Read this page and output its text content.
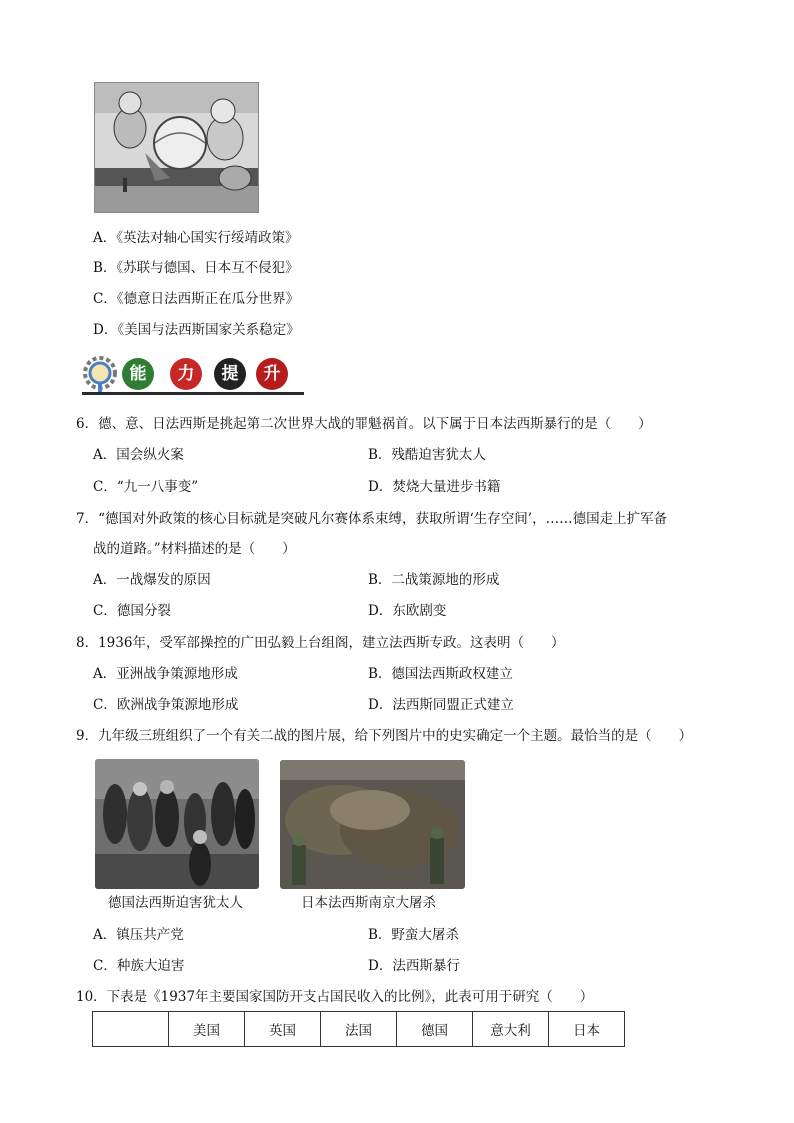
A．《英法对轴心国实行绥靖政策》
B．《苏联与德国、日本互不侵犯》
C．《德意日法西斯正在瓜分世界》
D．《美国与法西斯国家关系稳定》
能	力	提	升
6．德、意、日法西斯是挑起第二次世界大战的罪魁祸首。以下属于日本法西斯暴行的是（　　）
A．国会纵火案	B．残酷迫害犹太人
C．“九一八事变”	D．焚烧大量进步书籍
7．“德国对外政策的核心目标就是突破凡尔赛体系束缚，获取所谓‘生存空间’，……德国走上扩军备
战的道路。”材料描述的是（　　）
A．一战爆发的原因	B．二战策源地的形成
C．德国分裂	D．东欧剧变
8．1936年，受军部操控的广田弘毅上台组阁，建立法西斯专政。这表明（　　）
A．亚洲战争策源地形成	B．德国法西斯政权建立
C．欧洲战争策源地形成	D．法西斯同盟正式建立
9．九年级三班组织了一个有关二战的图片展，给下列图片中的史实确定一个主题。最恰当的是（　　）
德国法西斯迫害犹太人	日本法西斯南京大屠杀
A．镇压共产党	B．野蛮大屠杀
C．种族大迫害	D．法西斯暴行
10．下表是《1937年主要国家国防开支占国民收入的比例》，此表可用于研究（　　）
	美国	英国	法国	德国	意大利	日本
